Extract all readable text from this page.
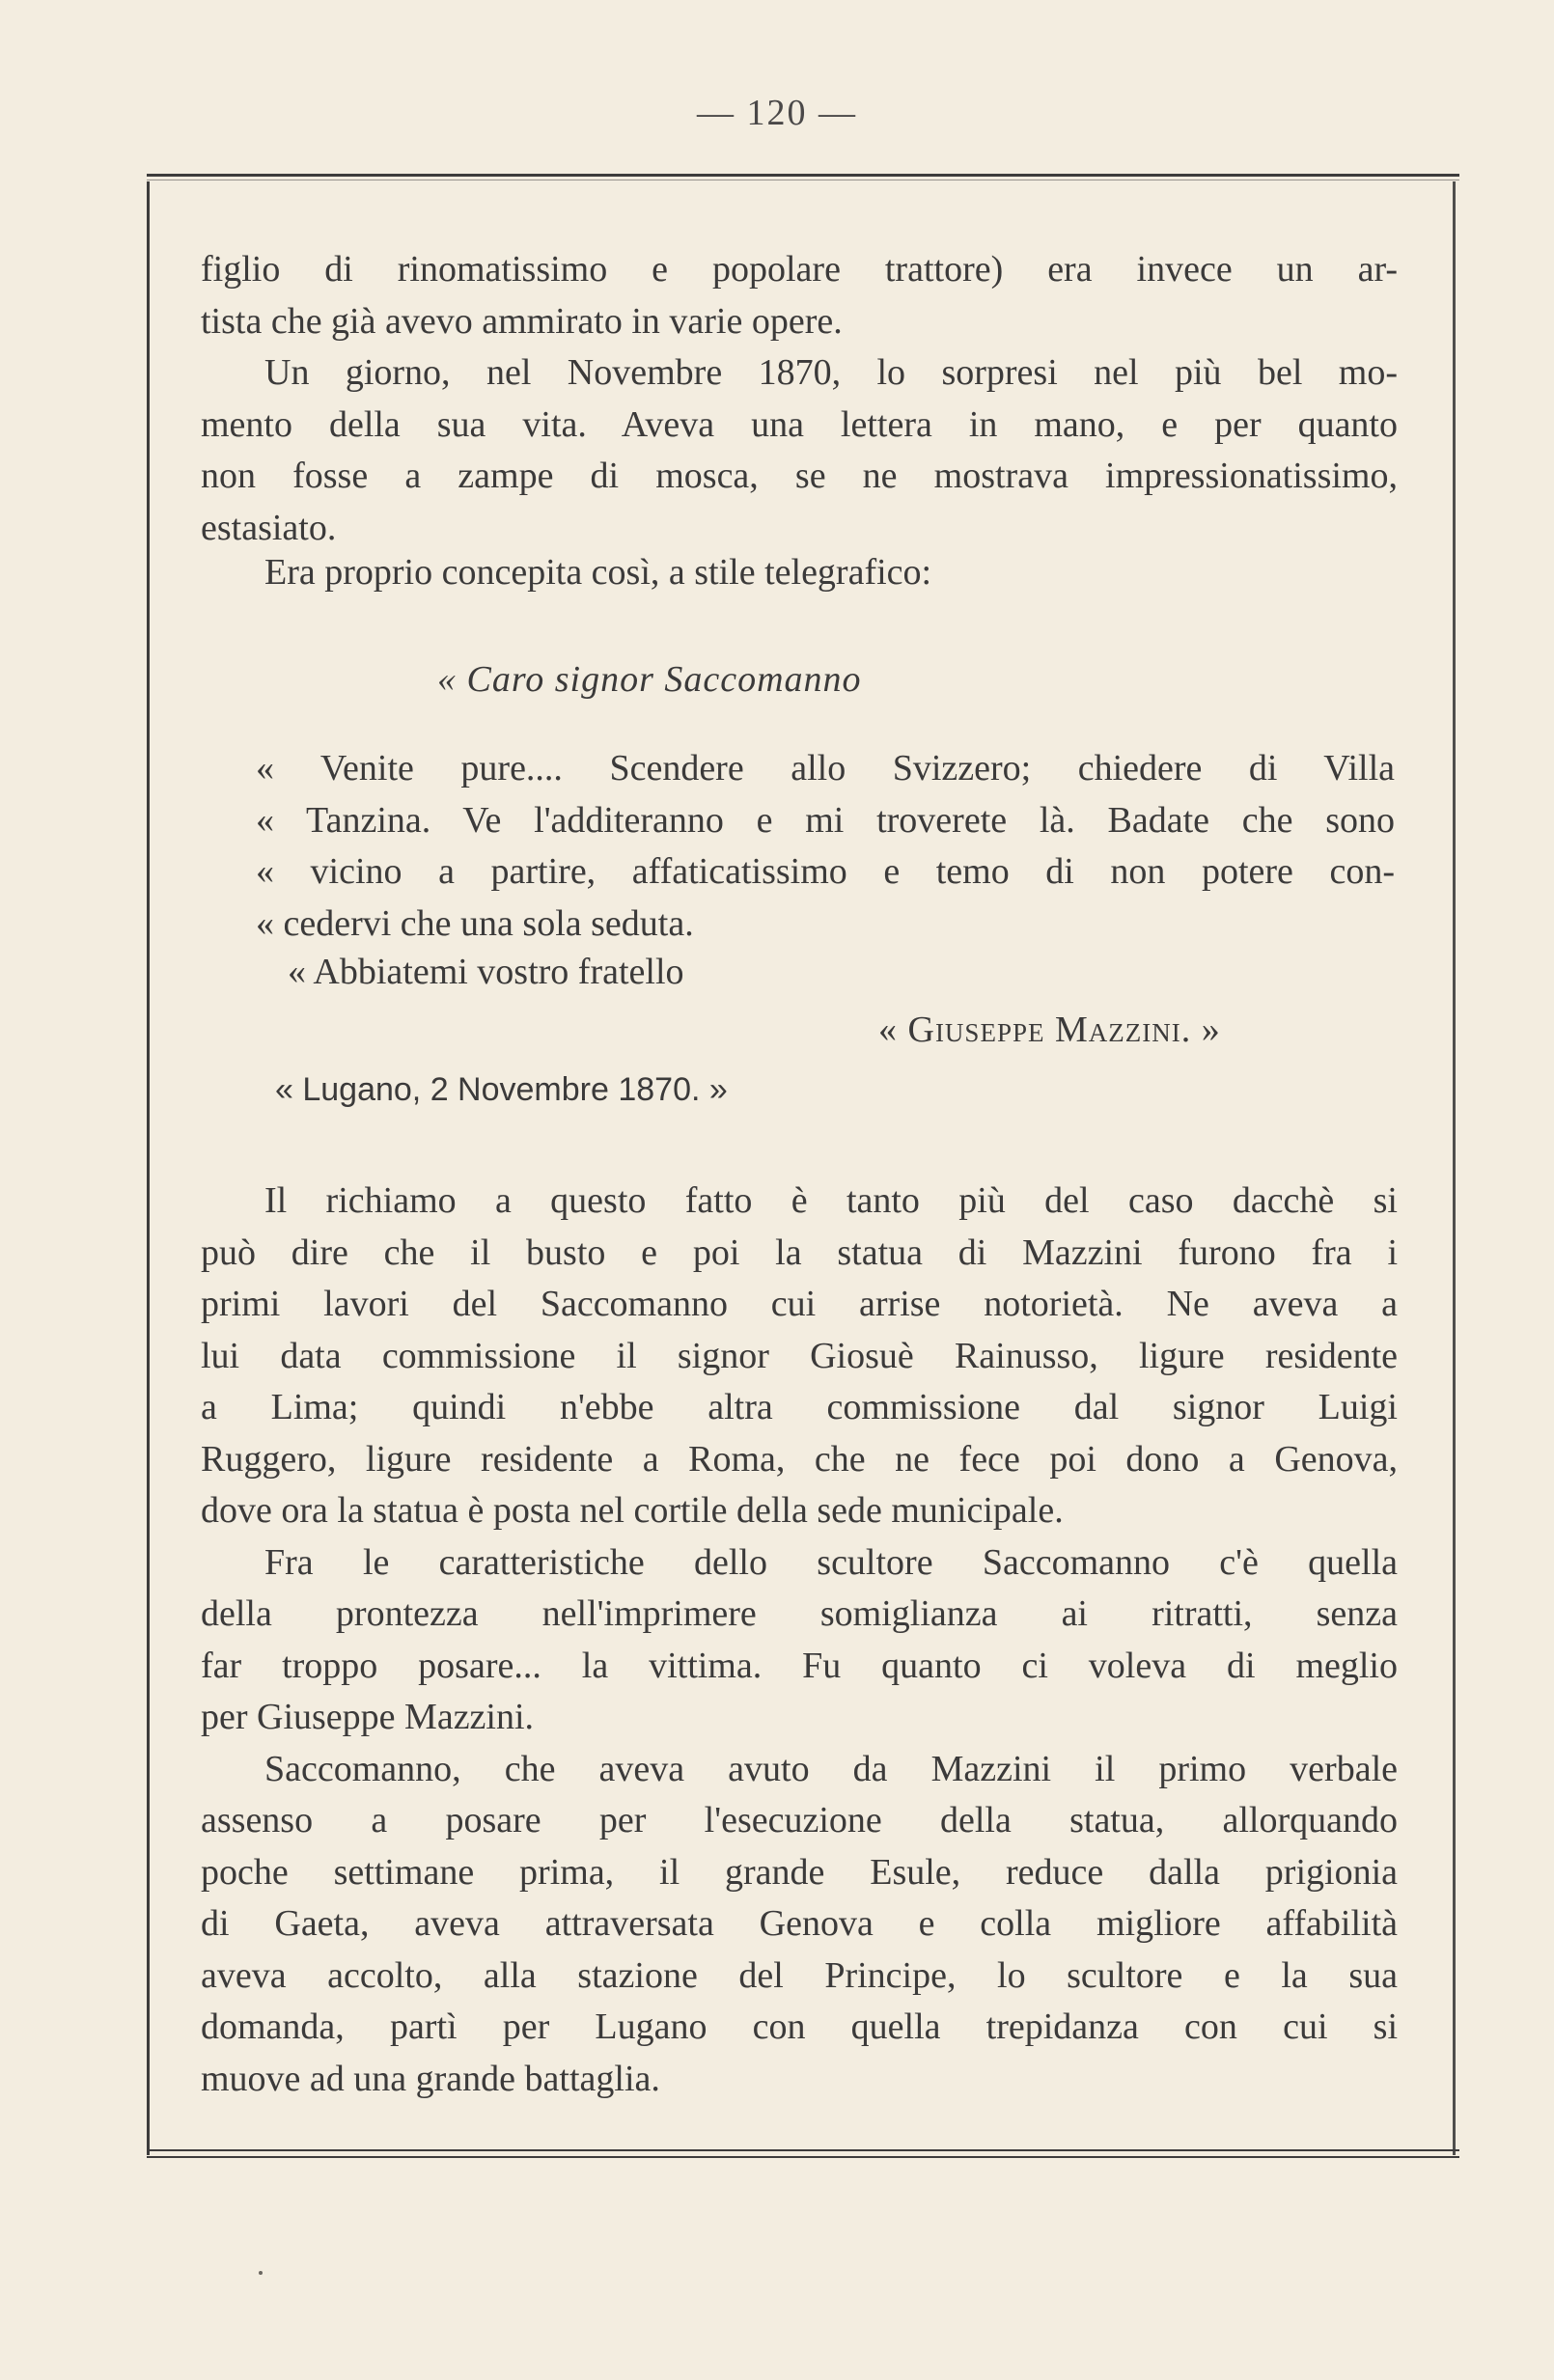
— 120 —
figlio di rinomatissimo e popolare trattore) era invece un ar-
tista che già avevo ammirato in varie opere.
Un giorno, nel Novembre 1870, lo sorpresi nel più bel mo-
mento della sua vita. Aveva una lettera in mano, e per quanto
non fosse a zampe di mosca, se ne mostrava impressionatissimo,
estasiato.
Era proprio concepita così, a stile telegrafico:
« Caro signor Saccomanno
« Venite pure.... Scendere allo Svizzero; chiedere di Villa
« Tanzina. Ve l'additeranno e mi troverete là. Badate che sono
« vicino a partire, affaticatissimo e temo di non potere con-
« cedervi che una sola seduta.
« Abbiatemi vostro fratello
« Giuseppe Mazzini. »
« Lugano, 2 Novembre 1870. »
Il richiamo a questo fatto è tanto più del caso dacchè si
può dire che il busto e poi la statua di Mazzini furono fra i
primi lavori del Saccomanno cui arrise notorietà. Ne aveva a
lui data commissione il signor Giosuè Rainusso, ligure residente
a Lima; quindi n'ebbe altra commissione dal signor Luigi
Ruggero, ligure residente a Roma, che ne fece poi dono a Genova,
dove ora la statua è posta nel cortile della sede municipale.
Fra le caratteristiche dello scultore Saccomanno c'è quella
della prontezza nell'imprimere somiglianza ai ritratti, senza
far troppo posare... la vittima. Fu quanto ci voleva di meglio
per Giuseppe Mazzini.
Saccomanno, che aveva avuto da Mazzini il primo verbale
assenso a posare per l'esecuzione della statua, allorquando
poche settimane prima, il grande Esule, reduce dalla prigionia
di Gaeta, aveva attraversata Genova e colla migliore affabilità
aveva accolto, alla stazione del Principe, lo scultore e la sua
domanda, partì per Lugano con quella trepidanza con cui si
muove ad una grande battaglia.
